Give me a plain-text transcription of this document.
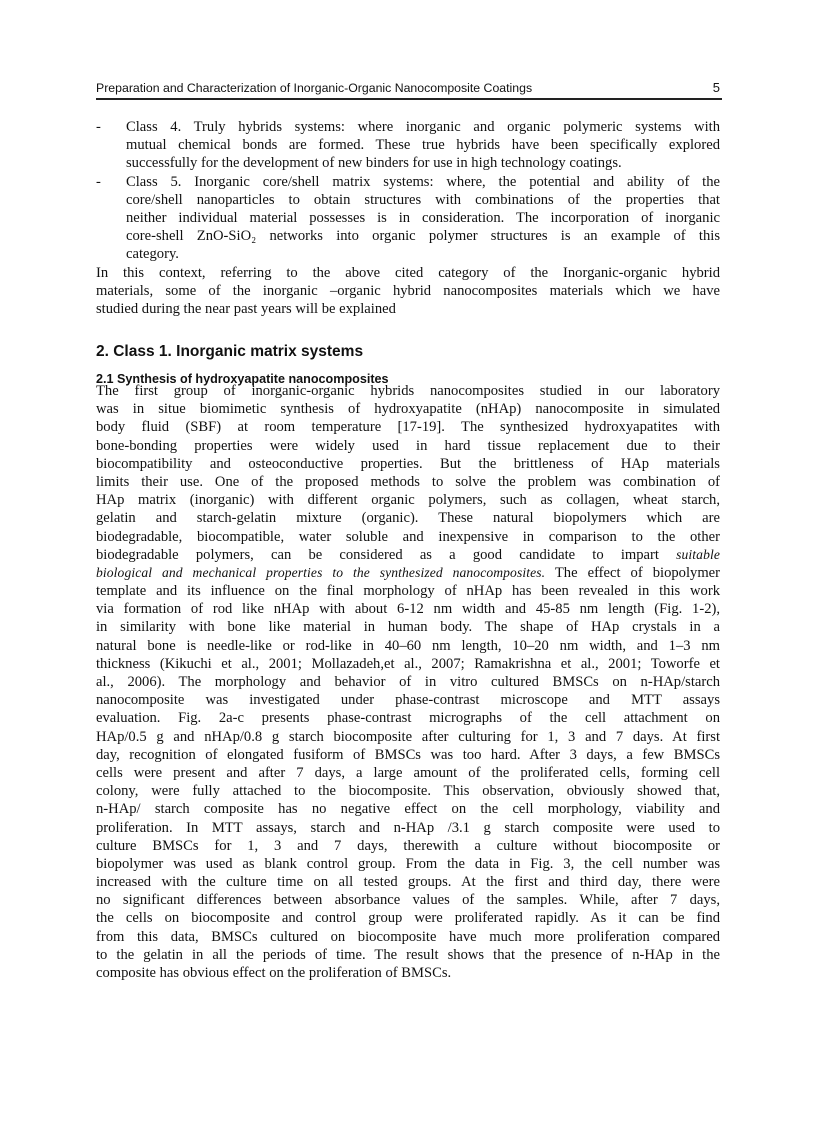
Preparation and Characterization of Inorganic-Organic Nanocomposite Coatings	5
- Class 4. Truly hybrids systems: where inorganic and organic polymeric systems with
mutual chemical bonds are formed. These true hybrids have been specifically explored
successfully for the development of new binders for use in high technology coatings.
- Class 5. Inorganic core/shell matrix systems: where, the potential and ability of the
core/shell nanoparticles to obtain structures with combinations of the properties that
neither individual material possesses is in consideration. The incorporation of inorganic
core-shell ZnO-SiO₂ networks into organic polymer structures is an example of this
category.
In this context, referring to the above cited category of the Inorganic-organic hybrid
materials, some of the inorganic –organic hybrid nanocomposites materials which we have
studied during the near past years will be explained
2. Class 1. Inorganic matrix systems
2.1 Synthesis of hydroxyapatite nanocomposites
The first group of inorganic-organic hybrids nanocomposites studied in our laboratory
was in situe biomimetic synthesis of hydroxyapatite (nHAp) nanocomposite in simulated
body fluid (SBF) at room temperature [17-19]. The synthesized hydroxyapatites with
bone-bonding properties were widely used in hard tissue replacement due to their
biocompatibility and osteoconductive properties. But the brittleness of HAp materials
limits their use. One of the proposed methods to solve the problem was combination of
HAp matrix (inorganic) with different organic polymers, such as collagen, wheat starch,
gelatin and starch-gelatin mixture (organic). These natural biopolymers which are
biodegradable, biocompatible, water soluble and inexpensive in comparison to the other
biodegradable polymers, can be considered as a good candidate to impart suitable
biological and mechanical properties to the synthesized nanocomposites. The effect of biopolymer
template and its influence on the final morphology of nHAp has been revealed in this work
via formation of rod like nHAp with about 6-12 nm width and 45-85 nm length (Fig. 1-2),
in similarity with bone like material in human body. The shape of HAp crystals in a
natural bone is needle-like or rod-like in 40–60 nm length, 10–20 nm width, and 1–3 nm
thickness (Kikuchi et al., 2001; Mollazadeh,et al., 2007; Ramakrishna et al., 2001; Toworfe et
al., 2006). The morphology and behavior of in vitro cultured BMSCs on n-HAp/starch
nanocomposite was investigated under phase-contrast microscope and MTT assays
evaluation. Fig. 2a-c presents phase-contrast micrographs of the cell attachment on
HAp/0.5 g and nHAp/0.8 g starch biocomposite after culturing for 1, 3 and 7 days. At first
day, recognition of elongated fusiform of BMSCs was too hard. After 3 days, a few BMSCs
cells were present and after 7 days, a large amount of the proliferated cells, forming cell
colony, were fully attached to the biocomposite. This observation, obviously showed that,
n-HAp/ starch composite has no negative effect on the cell morphology, viability and
proliferation. In MTT assays, starch and n-HAp /3.1 g starch composite were used to
culture BMSCs for 1, 3 and 7 days, therewith a culture without biocomposite or
biopolymer was used as blank control group. From the data in Fig. 3, the cell number was
increased with the culture time on all tested groups. At the first and third day, there were
no significant differences between absorbance values of the samples. While, after 7 days,
the cells on biocomposite and control group were proliferated rapidly. As it can be find
from this data, BMSCs cultured on biocomposite have much more proliferation compared
to the gelatin in all the periods of time. The result shows that the presence of n-HAp in the
composite has obvious effect on the proliferation of BMSCs.
